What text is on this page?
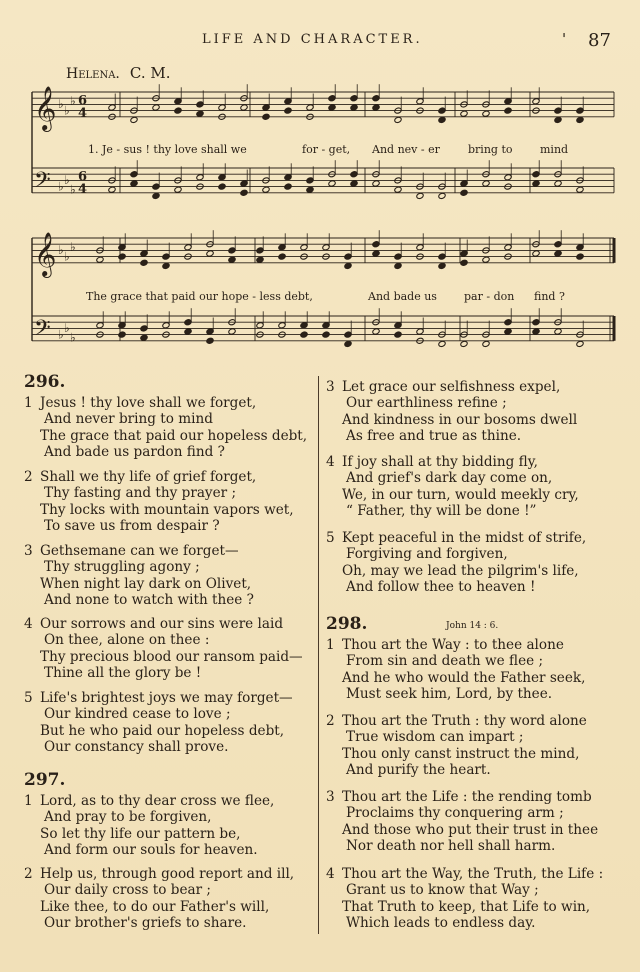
LIFE AND CHARACTER.	' 87
Helena. C. M.
𝄞 ♭ ♭
♭ 6
4
𝄢 ♭ ♭
♭
6
4
𝄞 ♭ ♭
♭
𝄢 ♭ ♭
♭
1. Je - sus ! thy love shall we	for - get, And nev - er	bring to	mind
The grace that paid our hope - less debt,	And bade us par - don find ?
296.
1 Jesus ! thy love shall we forget,
And never bring to mind
The grace that paid our hopeless debt,
And bade us pardon find ?
2 Shall we thy life of grief forget,
Thy fasting and thy prayer ;
Thy locks with mountain vapors wet,
To save us from despair ?
3 Gethsemane can we forget—
Thy struggling agony ;
When night lay dark on Olivet,
And none to watch with thee ?
4 Our sorrows and our sins were laid
On thee, alone on thee :
Thy precious blood our ransom paid—
Thine all the glory be !
5 Life's brightest joys we may forget—
Our kindred cease to love ;
But he who paid our hopeless debt,
Our constancy shall prove.
297.
1 Lord, as to thy dear cross we flee,
And pray to be forgiven,
So let thy life our pattern be,
And form our souls for heaven.
2 Help us, through good report and ill,
Our daily cross to bear ;
Like thee, to do our Father's will,
Our brother's griefs to share.
3 Let grace our selfishness expel,
Our earthliness refine ;
And kindness in our bosoms dwell
As free and true as thine.
4 If joy shall at thy bidding fly,
And grief's dark day come on,
We, in our turn, would meekly cry,
“ Father, thy will be done !”
5 Kept peaceful in the midst of strife,
Forgiving and forgiven,
Oh, may we lead the pilgrim's life,
And follow thee to heaven !
298.	John 14 : 6.
1 Thou art the Way : to thee alone
From sin and death we flee ;
And he who would the Father seek,
Must seek him, Lord, by thee.
2 Thou art the Truth : thy word alone
True wisdom can impart ;
Thou only canst instruct the mind,
And purify the heart.
3 Thou art the Life : the rending tomb
Proclaims thy conquering arm ;
And those who put their trust in thee
Nor death nor hell shall harm.
4 Thou art the Way, the Truth, the Life :
Grant us to know that Way ;
That Truth to keep, that Life to win,
Which leads to endless day.
